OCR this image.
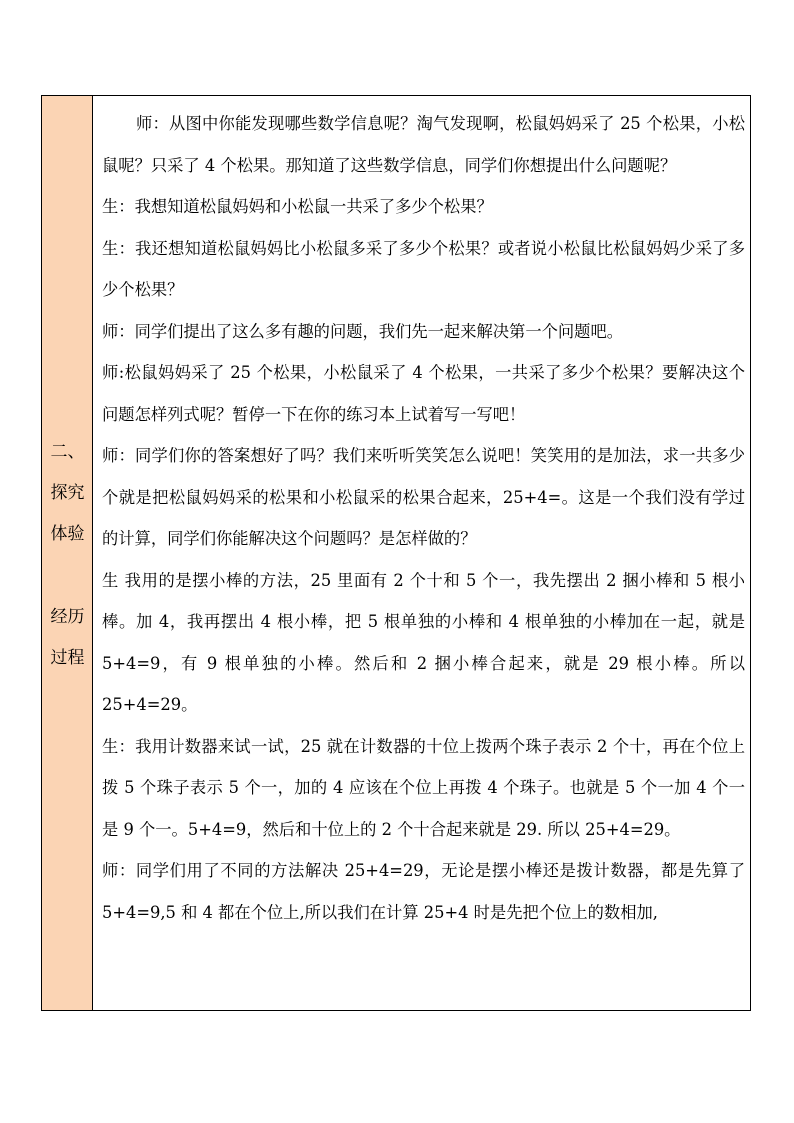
二、
探究
体验
经历
过程

师：从图中你能发现哪些数学信息呢？淘气发现啊，松鼠妈妈采了 25 个松果，小松鼠呢？只采了 4 个松果。那知道了这些数学信息，同学们你想提出什么问题呢？

生：我想知道松鼠妈妈和小松鼠一共采了多少个松果？

生：我还想知道松鼠妈妈比小松鼠多采了多少个松果？或者说小松鼠比松鼠妈妈少采了多少个松果？

师：同学们提出了这么多有趣的问题，我们先一起来解决第一个问题吧。

师:松鼠妈妈采了 25 个松果，小松鼠采了 4 个松果，一共采了多少个松果？要解决这个问题怎样列式呢？暂停一下在你的练习本上试着写一写吧！

师：同学们你的答案想好了吗？我们来听听笑笑怎么说吧！笑笑用的是加法，求一共多少个就是把松鼠妈妈采的松果和小松鼠采的松果合起来，25+4=。这是一个我们没有学过的计算，同学们你能解决这个问题吗？是怎样做的？

生 我用的是摆小棒的方法，25 里面有 2 个十和 5 个一，我先摆出 2 捆小棒和 5 根小棒。加 4，我再摆出 4 根小棒，把 5 根单独的小棒和 4 根单独的小棒加在一起，就是 5+4=9，有 9 根单独的小棒。然后和 2 捆小棒合起来，就是 29 根小棒。所以 25+4=29。

生：我用计数器来试一试，25 就在计数器的十位上拨两个珠子表示 2 个十，再在个位上拨 5 个珠子表示 5 个一，加的 4 应该在个位上再拨 4 个珠子。也就是 5 个一加 4 个一是 9 个一。5+4=9，然后和十位上的 2 个十合起来就是 29. 所以 25+4=29。

师：同学们用了不同的方法解决 25+4=29，无论是摆小棒还是拨计数器，都是先算了 5+4=9,5 和 4 都在个位上,所以我们在计算 25+4 时是先把个位上的数相加,
